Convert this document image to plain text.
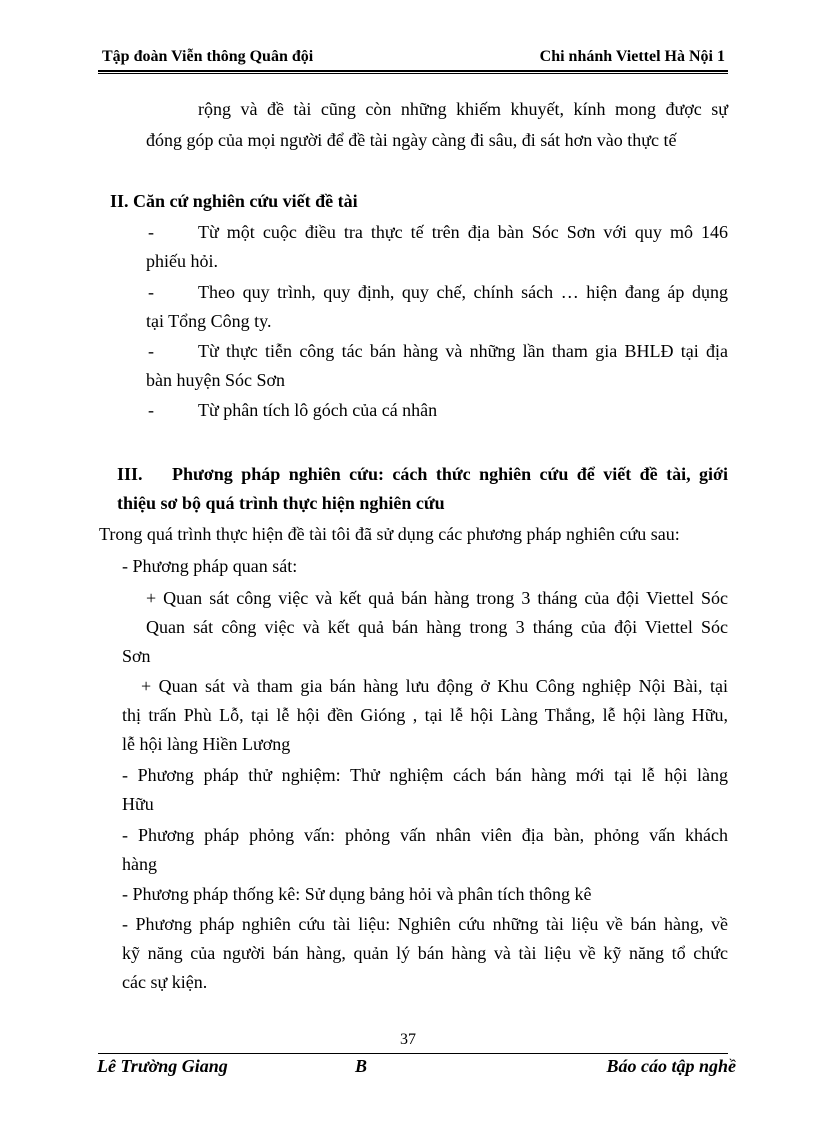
Tập đoàn Viễn thông Quân đội	Chi nhánh Viettel Hà Nội 1
rộng và đề tài cũng còn những khiếm khuyết, kính mong được sự
đóng góp của mọi người để đề tài ngày càng đi sâu, đi sát hơn vào thực tế
II. Căn cứ nghiên cứu viết đề tài
- Từ một cuộc điều tra thực tế trên địa bàn Sóc Sơn với quy mô 146
phiếu hỏi.
- Theo quy trình, quy định, quy chế, chính sách … hiện đang áp dụng
tại Tổng Công ty.
- Từ thực tiễn công tác bán hàng và những lần tham gia BHLĐ tại địa
bàn huyện Sóc Sơn
- Từ phân tích lô góch của cá nhân
III. Phương pháp nghiên cứu: cách thức nghiên cứu để viết đề tài, giới
thiệu sơ bộ quá trình thực hiện nghiên cứu
Trong quá trình thực hiện đề tài tôi đã sử dụng các phương pháp nghiên cứu sau:
- Phương pháp quan sát:
+ Quan sát công việc và kết quả bán hàng trong 3 tháng của đội Viettel Sóc
Quan sát công việc và kết quả bán hàng trong 3 tháng của đội Viettel Sóc
Sơn
+ Quan sát và tham gia bán hàng lưu động ở Khu Công nghiệp Nội Bài, tại
thị trấn Phù Lỗ, tại lễ hội đền Gióng , tại lễ hội Làng Thắng, lễ hội làng Hữu,
lễ hội làng Hiền Lương
- Phương pháp thử nghiệm: Thử nghiệm cách bán hàng mới tại lễ hội làng
Hữu
- Phương pháp phỏng vấn: phỏng vấn nhân viên địa bàn, phỏng vấn khách
hàng
- Phương pháp thống kê: Sử dụng bảng hỏi và phân tích thông kê
- Phương pháp nghiên cứu tài liệu: Nghiên cứu những tài liệu về bán hàng, về
kỹ năng của người bán hàng, quản lý bán hàng và tài liệu về kỹ năng tổ chức
các sự kiện.
37
Lê Trường Giang	B	Báo cáo tập nghề
